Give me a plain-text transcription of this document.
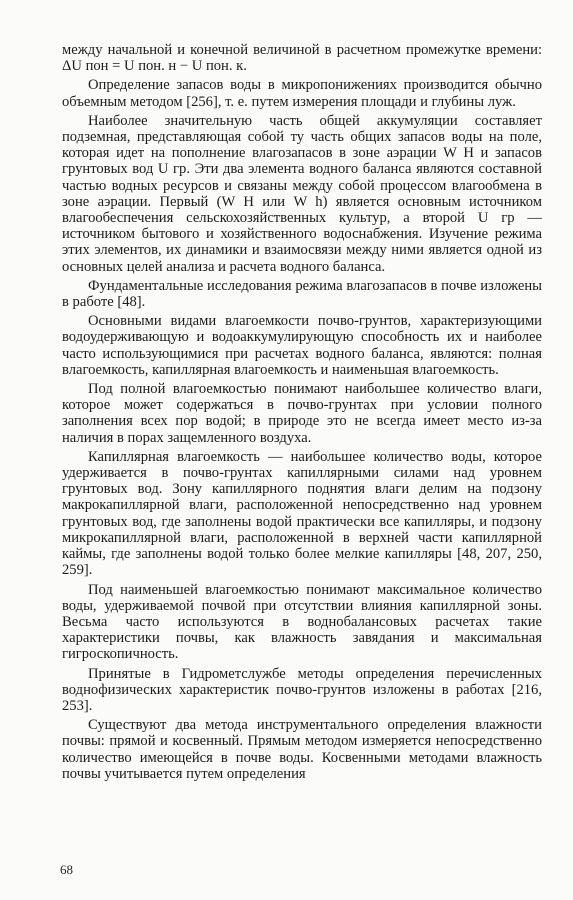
между начальной и конечной величиной в расчетном промежутке времени: ΔU пон = U пон. н − U пон. к.

Определение запасов воды в микропонижениях производится обычно объемным методом [256], т. е. путем измерения площади и глубины луж.

Наиболее значительную часть общей аккумуляции составляет подземная, представляющая собой ту часть общих запасов воды на поле, которая идет на пополнение влагозапасов в зоне аэрации W H и запасов грунтовых вод U гр. Эти два элемента водного баланса являются составной частью водных ресурсов и связаны между собой процессом влагообмена в зоне аэрации. Первый (W H или W h) является основным источником влагообеспечения сельскохозяйственных культур, а второй U гр — источником бытового и хозяйственного водоснабжения. Изучение режима этих элементов, их динамики и взаимосвязи между ними является одной из основных целей анализа и расчета водного баланса.

Фундаментальные исследования режима влагозапасов в почве изложены в работе [48].

Основными видами влагоемкости почво-грунтов, характеризующими водоудерживающую и водоаккумулирующую способность их и наиболее часто использующимися при расчетах водного баланса, являются: полная влагоемкость, капиллярная влагоемкость и наименьшая влагоемкость.

Под полной влагоемкостью понимают наибольшее количество влаги, которое может содержаться в почво-грунтах при условии полного заполнения всех пор водой; в природе это не всегда имеет место из-за наличия в порах защемленного воздуха.

Капиллярная влагоемкость — наибольшее количество воды, которое удерживается в почво-грунтах капиллярными силами над уровнем грунтовых вод. Зону капиллярного поднятия влаги делим на подзону макрокапиллярной влаги, расположенной непосредственно над уровнем грунтовых вод, где заполнены водой практически все капилляры, и подзону микрокапиллярной влаги, расположенной в верхней части капиллярной каймы, где заполнены водой только более мелкие капилляры [48, 207, 250, 259].

Под наименьшей влагоемкостью понимают максимальное количество воды, удерживаемой почвой при отсутствии влияния капиллярной зоны. Весьма часто используются в воднобалансовых расчетах такие характеристики почвы, как влажность завядания и максимальная гигроскопичность.

Принятые в Гидрометслужбе методы определения перечисленных воднофизических характеристик почво-грунтов изложены в работах [216, 253].

Существуют два метода инструментального определения влажности почвы: прямой и косвенный. Прямым методом измеряется непосредственно количество имеющейся в почве воды. Косвенными методами влажность почвы учитывается путем определения

68
